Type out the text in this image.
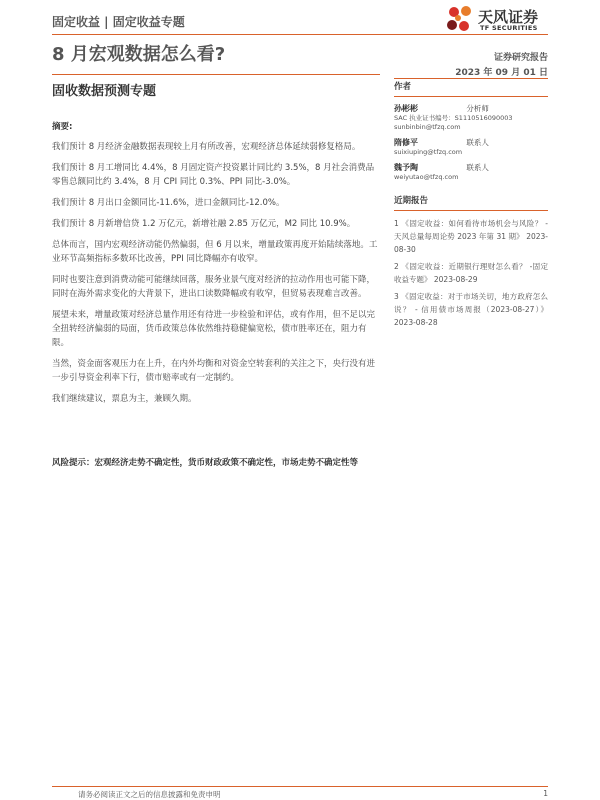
固定收益 | 固定收益专题	天风证券
TF SECURITIES
8 月宏观数据怎么看?	证券研究报告
2023 年 09 月 01 日
固收数据预测专题

摘要:

我们预计 8 月经济金融数据表现较上月有所改善，宏观经济总体延续弱修复格局。

我们预计 8 月工增同比 4.4%，8 月固定资产投资累计同比约 3.5%，8 月社会消费品零售总额同比约 3.4%，8 月 CPI 同比 0.3%、PPI 同比-3.0%。

我们预计 8 月出口金额同比-11.6%，进口金额同比-12.0%。

我们预计 8 月新增信贷 1.2 万亿元，新增社融 2.85 万亿元，M2 同比 10.9%。

总体而言，国内宏观经济动能仍然偏弱，但 6 月以来，增量政策再度开始陆续落地。工业环节高频指标多数环比改善，PPI 同比降幅亦有收窄。

同时也要注意到消费动能可能继续回落，服务业景气度对经济的拉动作用也可能下降，同时在海外需求变化的大背景下，进出口读数降幅或有收窄，但贸易表现难言改善。

展望未来，增量政策对经济总量作用还有待进一步检验和评估，或有作用，但不足以完全扭转经济偏弱的局面，货币政策总体依然维持稳健偏宽松，债市胜率还在，阻力有限。

当然，资金面客观压力在上升，在内外均衡和对资金空转套利的关注之下，央行没有进一步引导资金利率下行，债市赔率或有一定制约。

我们继续建议，票息为主，兼顾久期。

风险提示：宏观经济走势不确定性，货币财政政策不确定性，市场走势不确定性等
作者
孙彬彬	分析师
SAC 执业证书编号：S1110516090003
sunbinbin@tfzq.com
隋修平	联系人
suixiuping@tfzq.com
魏予陶	联系人
weiyutao@tfzq.com
近期报告
1 《固定收益：如何看待市场机会与风险？ -天风总量每周论势 2023 年第 31 期》 2023-08-30
2 《固定收益：近期银行理财怎么看？ -固定收益专题》 2023-08-29
3 《固定收益：对于市场关切，地方政府怎么说？ - 信用债市场周报（2023-08-27）》 2023-08-28
请务必阅读正文之后的信息披露和免责申明	1
